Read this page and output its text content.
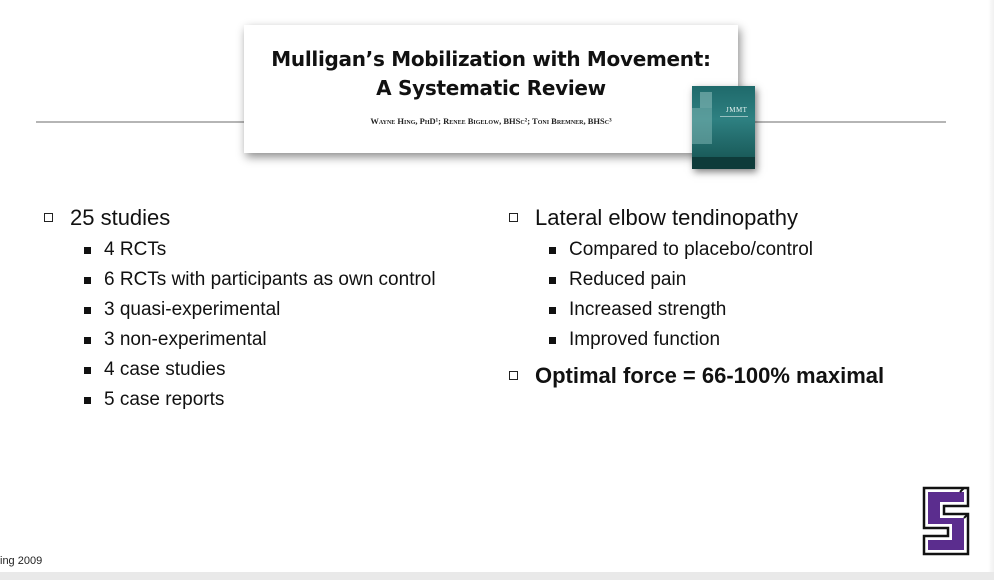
Mulligan’s Mobilization with Movement:
A Systematic Review
Wayne Hing, PhD¹; Renee Bigelow, BHSc²; Toni Bremner, BHSc³
JMMT
25 studies
4 RCTs
6 RCTs with participants as own control
3 quasi-experimental
3 non-experimental
4 case studies
5 case reports
Lateral elbow tendinopathy
Compared to placebo/control
Reduced pain
Increased strength
Improved function
Optimal force = 66-100% maximal
ing 2009
